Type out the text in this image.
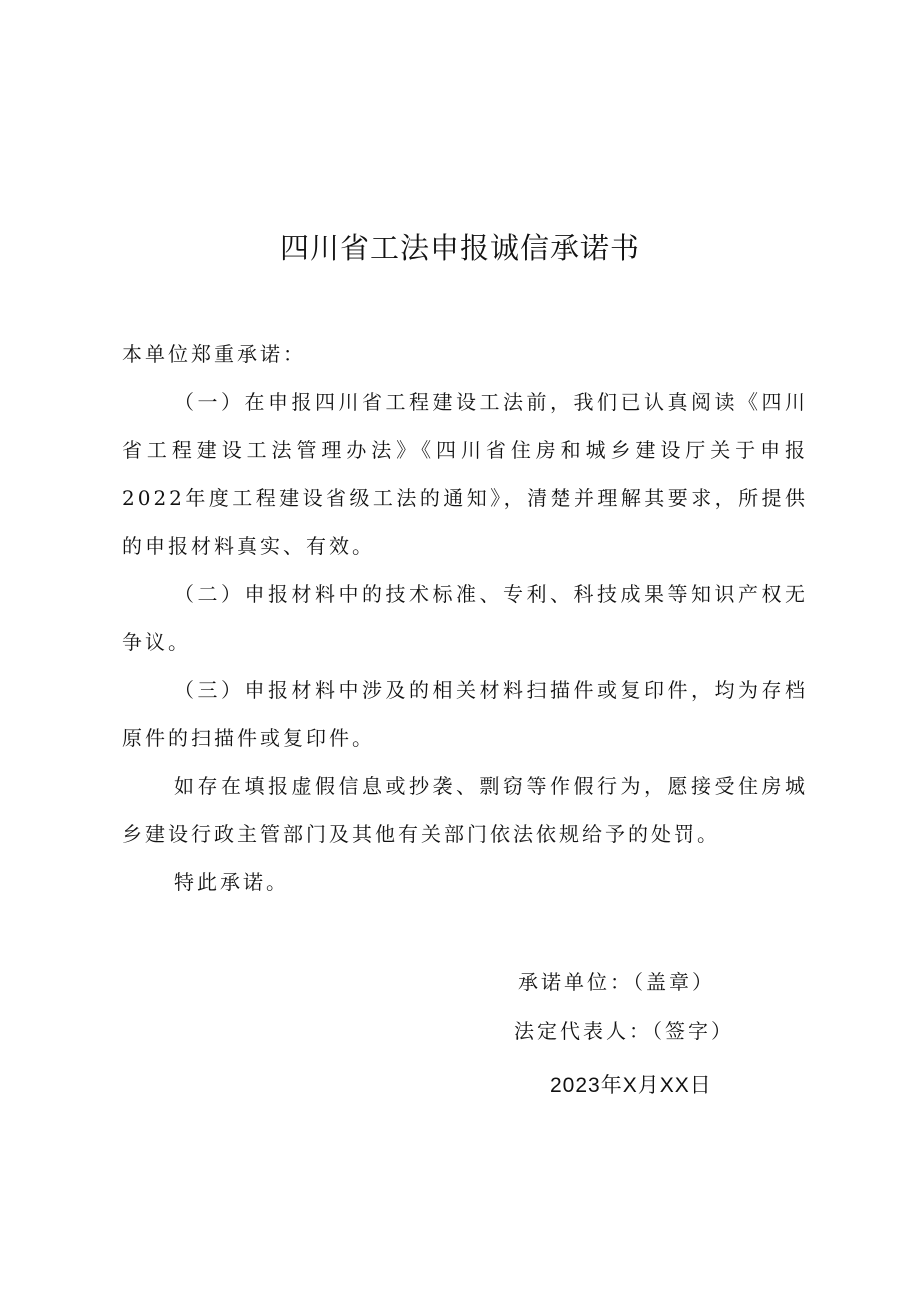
四川省工法申报诚信承诺书

本单位郑重承诺：

（一）在申报四川省工程建设工法前，我们已认真阅读《四川省工程建设工法管理办法》《四川省住房和城乡建设厅关于申报2022年度工程建设省级工法的通知》，清楚并理解其要求，所提供的申报材料真实、有效。

（二）申报材料中的技术标准、专利、科技成果等知识产权无争议。

（三）申报材料中涉及的相关材料扫描件或复印件，均为存档原件的扫描件或复印件。

如存在填报虚假信息或抄袭、剽窃等作假行为，愿接受住房城乡建设行政主管部门及其他有关部门依法依规给予的处罚。

特此承诺。

承诺单位：（盖章）

法定代表人：（签字）

2023年X月XX日
